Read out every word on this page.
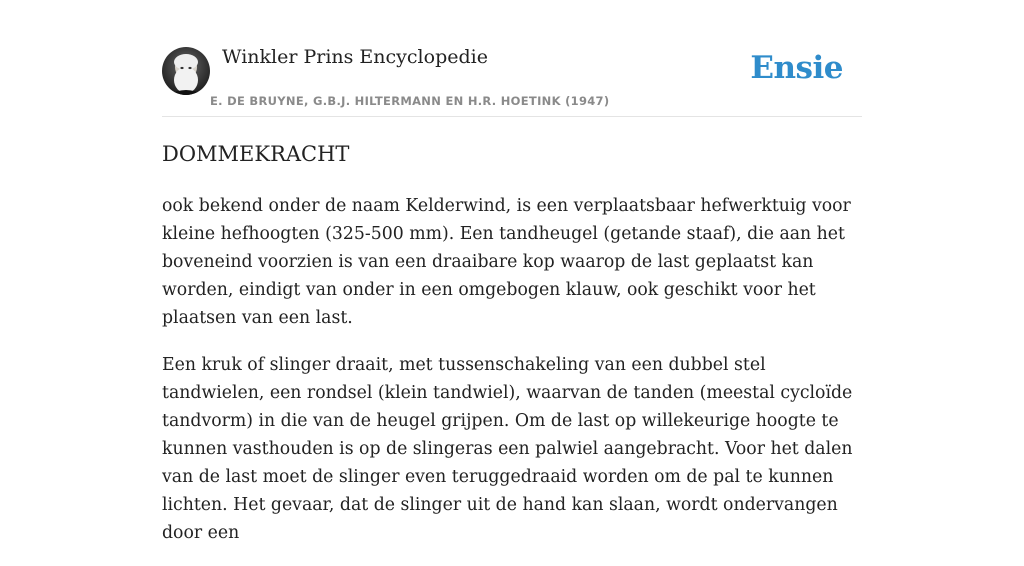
Winkler Prins Encyclopedie
E. DE BRUYNE, G.B.J. HILTERMANN EN H.R. HOETINK (1947)
Ensie
DOMMEKRACHT

ook bekend onder de naam Kelderwind, is een verplaatsbaar hefwerktuig voor kleine hefhoogten (325-500 mm). Een tandheugel (getande staaf), die aan het boveneind voorzien is van een draaibare kop waarop de last geplaatst kan worden, eindigt van onder in een omgebogen klauw, ook geschikt voor het plaatsen van een last.

Een kruk of slinger draait, met tussenschakeling van een dubbel stel tandwielen, een rondsel (klein tandwiel), waarvan de tanden (meestal cycloïde tandvorm) in die van de heugel grijpen. Om de last op willekeurige hoogte te kunnen vasthouden is op de slingeras een palwiel aangebracht. Voor het dalen van de last moet de slinger even teruggedraaid worden om de pal te kunnen lichten. Het gevaar, dat de slinger uit de hand kan slaan, wordt ondervangen door een
